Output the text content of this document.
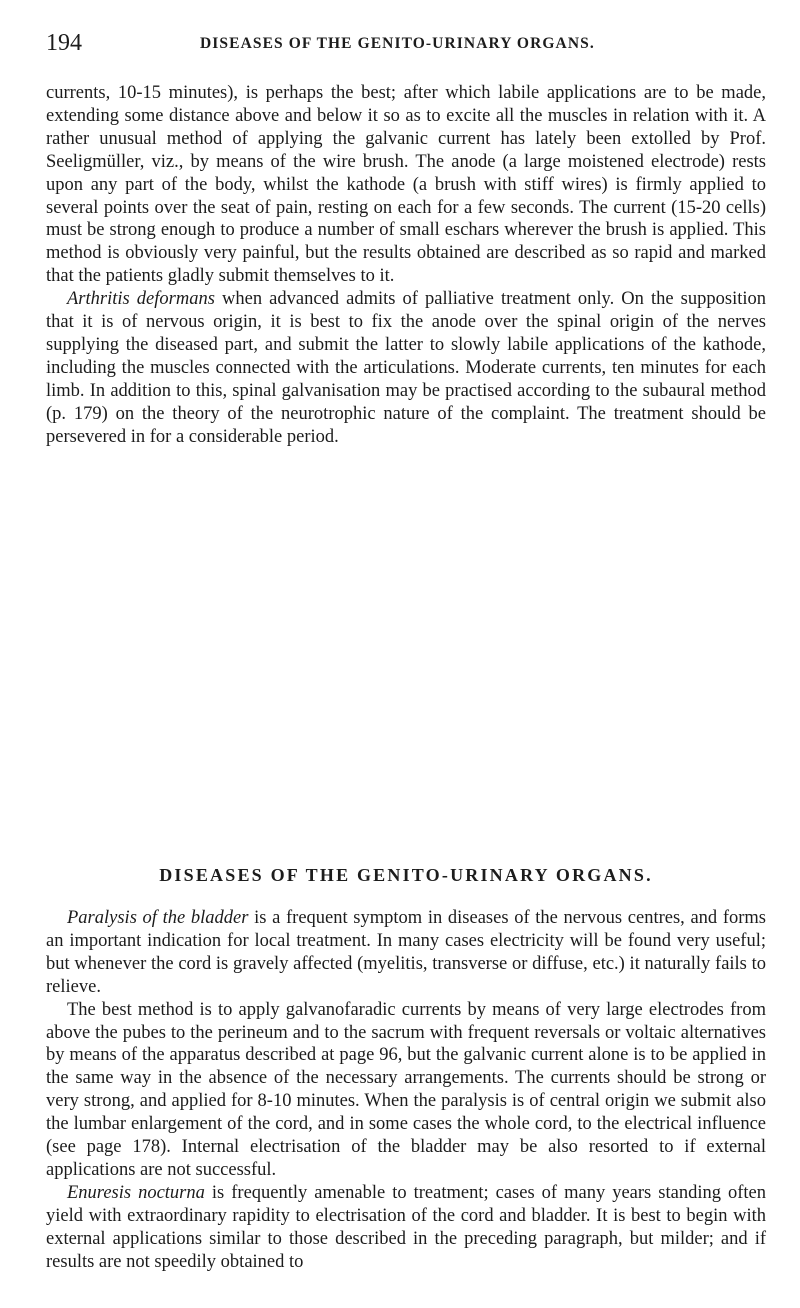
194	DISEASES OF THE GENITO-URINARY ORGANS.

currents, 10-15 minutes), is perhaps the best; after which labile applications are to be made, extending some distance above and below it so as to excite all the muscles in relation with it. A rather unusual method of applying the galvanic current has lately been extolled by Prof. Seeligmüller, viz., by means of the wire brush. The anode (a large moistened electrode) rests upon any part of the body, whilst the kathode (a brush with stiff wires) is firmly applied to several points over the seat of pain, resting on each for a few seconds. The current (15-20 cells) must be strong enough to produce a number of small eschars wherever the brush is applied. This method is obviously very painful, but the results obtained are described as so rapid and marked that the patients gladly submit themselves to it.

Arthritis deformans when advanced admits of palliative treatment only. On the supposition that it is of nervous origin, it is best to fix the anode over the spinal origin of the nerves supplying the diseased part, and submit the latter to slowly labile applications of the kathode, including the muscles connected with the articulations. Moderate currents, ten minutes for each limb. In addition to this, spinal galvanisation may be practised according to the subaural method (p. 179) on the theory of the neurotrophic nature of the complaint. The treatment should be persevered in for a considerable period.

DISEASES OF THE GENITO-URINARY ORGANS.

Paralysis of the bladder is a frequent symptom in diseases of the nervous centres, and forms an important indication for local treatment. In many cases electricity will be found very useful; but whenever the cord is gravely affected (myelitis, transverse or diffuse, etc.) it naturally fails to relieve.

The best method is to apply galvanofaradic currents by means of very large electrodes from above the pubes to the perineum and to the sacrum with frequent reversals or voltaic alternatives by means of the apparatus described at page 96, but the galvanic current alone is to be applied in the same way in the absence of the necessary arrangements. The currents should be strong or very strong, and applied for 8-10 minutes. When the paralysis is of central origin we submit also the lumbar enlargement of the cord, and in some cases the whole cord, to the electrical influence (see page 178). Internal electrisation of the bladder may be also resorted to if external applications are not successful.

Enuresis nocturna is frequently amenable to treatment; cases of many years standing often yield with extraordinary rapidity to electrisation of the cord and bladder. It is best to begin with external applications similar to those described in the preceding paragraph, but milder; and if results are not speedily obtained to
